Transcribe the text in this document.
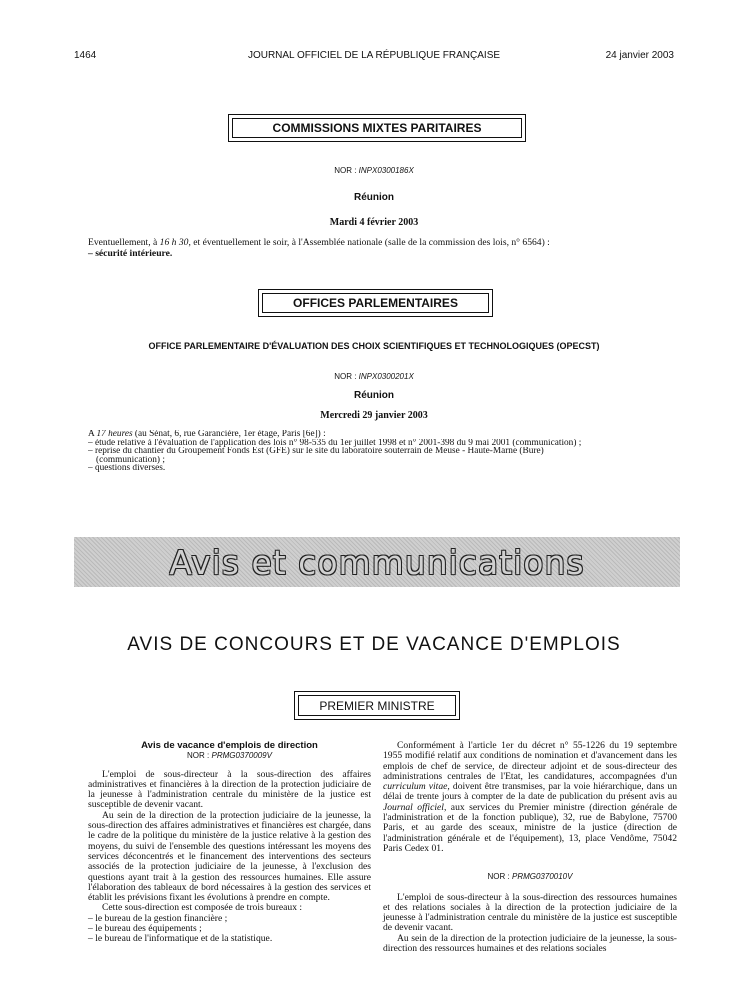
1464	JOURNAL OFFICIEL DE LA RÉPUBLIQUE FRANÇAISE	24 janvier 2003
COMMISSIONS MIXTES PARITAIRES
NOR : INPX0300186X
Réunion
Mardi 4 février 2003
Eventuellement, à 16 h 30, et éventuellement le soir, à l'Assemblée nationale (salle de la commission des lois, n° 6564) :
– sécurité intérieure.
OFFICES PARLEMENTAIRES
OFFICE PARLEMENTAIRE D'ÉVALUATION DES CHOIX SCIENTIFIQUES ET TECHNOLOGIQUES (OPECST)
NOR : INPX0300201X
Réunion
Mercredi 29 janvier 2003
A 17 heures (au Sénat, 6, rue Garancière, 1er étage, Paris [6e]) :
– étude relative à l'évaluation de l'application des lois n° 98-535 du 1er juillet 1998 et n° 2001-398 du 9 mai 2001 (communication) ;
– reprise du chantier du Groupement Fonds Est (GFE) sur le site du laboratoire souterrain de Meuse - Haute-Marne (Bure)
(communication) ;
– questions diverses.
Avis et communications
AVIS DE CONCOURS ET DE VACANCE D'EMPLOIS
PREMIER MINISTRE

Avis de vacance d'emplois de direction

NOR : PRMG0370009V

L'emploi de sous-directeur à la sous-direction des affaires administratives et financières à la direction de la protection judiciaire de la jeunesse à l'administration centrale du ministère de la justice est susceptible de devenir vacant.

Au sein de la direction de la protection judiciaire de la jeunesse, la sous-direction des affaires administratives et financières est chargée, dans le cadre de la politique du ministère de la justice relative à la gestion des moyens, du suivi de l'ensemble des questions intéressant les moyens des services déconcentrés et le financement des interventions des secteurs associés de la protection judiciaire de la jeunesse, à l'exclusion des questions ayant trait à la gestion des ressources humaines. Elle assure l'élaboration des tableaux de bord nécessaires à la gestion des services et établit les prévisions fixant les évolutions à prendre en compte.

Cette sous-direction est composée de trois bureaux :

– le bureau de la gestion financière ;

– le bureau des équipements ;

– le bureau de l'informatique et de la statistique.

Conformément à l'article 1er du décret n° 55-1226 du 19 septembre 1955 modifié relatif aux conditions de nomination et d'avancement dans les emplois de chef de service, de directeur adjoint et de sous-directeur des administrations centrales de l'Etat, les candidatures, accompagnées d'un curriculum vitae, doivent être transmises, par la voie hiérarchique, dans un délai de trente jours à compter de la date de publication du présent avis au Journal officiel, aux services du Premier ministre (direction générale de l'administration et de la fonction publique), 32, rue de Babylone, 75700 Paris, et au garde des sceaux, ministre de la justice (direction de l'administration générale et de l'équipement), 13, place Vendôme, 75042 Paris Cedex 01.

NOR : PRMG0370010V

L'emploi de sous-directeur à la sous-direction des ressources humaines et des relations sociales à la direction de la protection judiciaire de la jeunesse à l'administration centrale du ministère de la justice est susceptible de devenir vacant.

Au sein de la direction de la protection judiciaire de la jeunesse, la sous-direction des ressources humaines et des relations sociales
